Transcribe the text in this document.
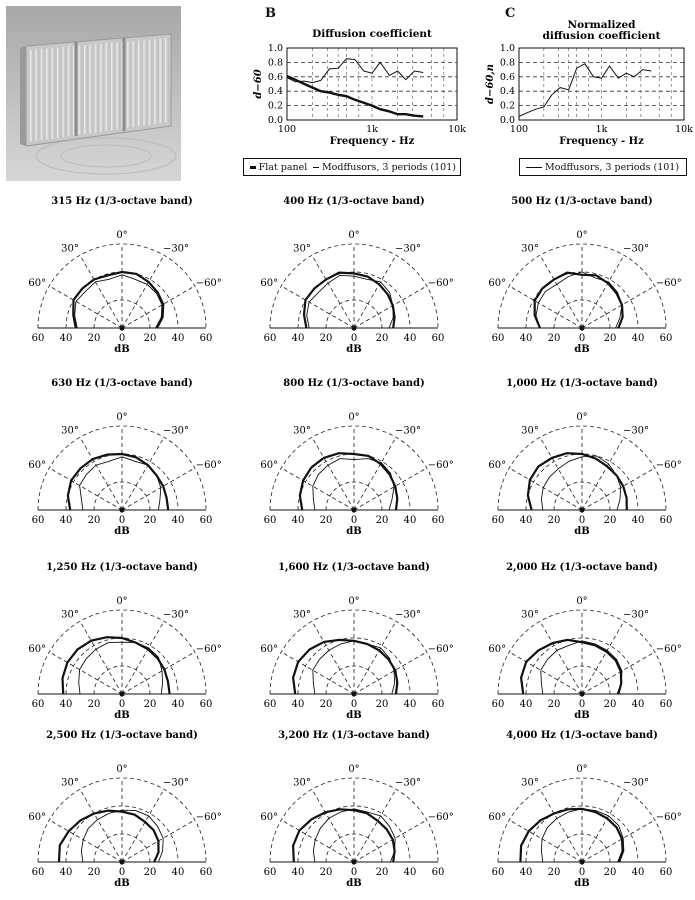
B	C
Diffusion coefficient
0.0
0.2
0.4
0.6
0.8
1.0
100	1k	10k
Frequency - Hz
d−60
Flat panel Modffusors, 3 periods (101)
Normalized
diffusion coefficient
0.0
0.2
0.4
0.6
0.8
1.0
100	1k	10k
Frequency - Hz
d−60,n
Modffusors, 3 periods (101)
315 Hz (1/3-octave band)
0°
30°	−30°
60°	−60°
60 40 20 0 20 40 60
dB
400 Hz (1/3-octave band)
0°
30°	−30°
60°	−60°
60 40 20 0 20 40 60
dB
500 Hz (1/3-octave band)
0°
30°	−30°
60°	−60°
60 40 20 0 20 40 60
dB
630 Hz (1/3-octave band)
0°
30°	−30°
60°	−60°
60 40 20 0 20 40 60
dB
800 Hz (1/3-octave band)
0°
30°	−30°
60°	−60°
60 40 20 0 20 40 60
dB
1,000 Hz (1/3-octave band)
0°
30°	−30°
60°	−60°
60 40 20 0 20 40 60
dB
1,250 Hz (1/3-octave band)
0°
30°	−30°
60°	−60°
60 40 20 0 20 40 60
dB
1,600 Hz (1/3-octave band)
0°
30°	−30°
60°	−60°
60 40 20 0 20 40 60
dB
2,000 Hz (1/3-octave band)
0°
30°	−30°
60°	−60°
60 40 20 0 20 40 60
dB
2,500 Hz (1/3-octave band)
0°
30°	−30°
60°	−60°
60 40 20 0 20 40 60
dB
3,200 Hz (1/3-octave band)
0°
30°	−30°
60°	−60°
60 40 20 0 20 40 60
dB
4,000 Hz (1/3-octave band)
0°
30°	−30°
60°	−60°
60 40 20 0 20 40 60
dB
